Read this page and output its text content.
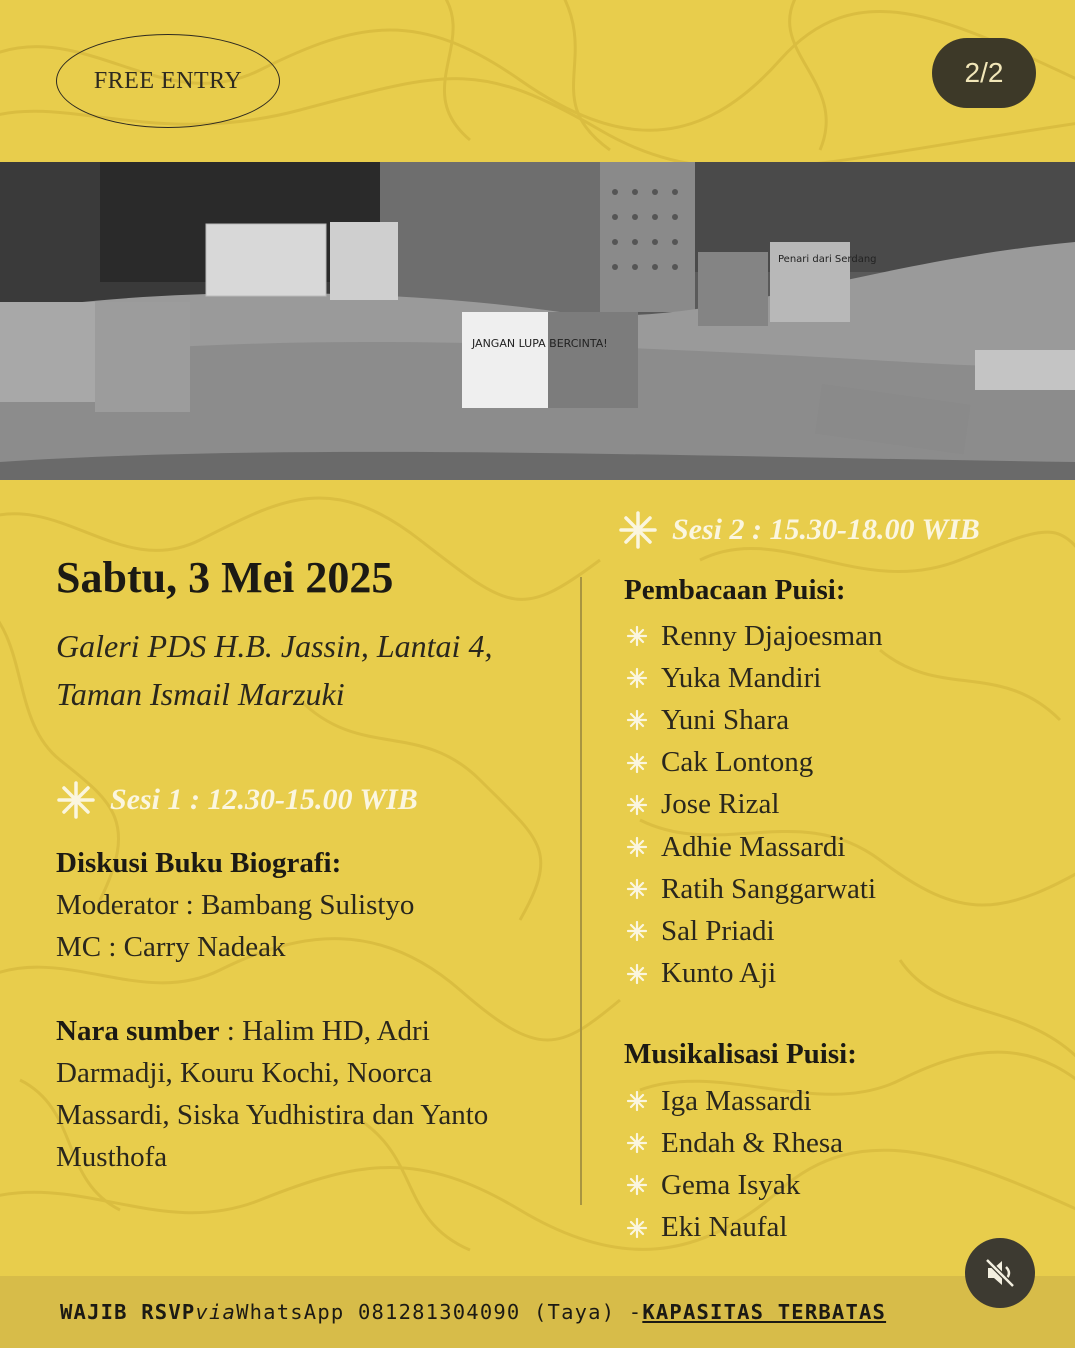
FREE ENTRY	2/2
JANGAN LUPA BERCINTA!
Penari dari Serdang
Sabtu, 3 Mei 2025
Galeri PDS H.B. Jassin, Lantai 4,
Taman Ismail Marzuki
Sesi 1 : 12.30-15.00 WIB
Diskusi Buku Biografi:
Moderator : Bambang Sulistyo
MC : Carry Nadeak
Nara sumber : Halim HD, Adri Darmadji, Kouru Kochi, Noorca Massardi, Siska Yudhistira dan Yanto Musthofa
Sesi 2 : 15.30-18.00 WIB
Pembacaan Puisi:
Renny Djajoesman
Yuka Mandiri
Yuni Shara
Cak Lontong
Jose Rizal
Adhie Massardi
Ratih Sanggarwati
Sal Priadi
Kunto Aji
Musikalisasi Puisi:
Iga Massardi
Endah & Rhesa
Gema Isyak
Eki Naufal
WAJIB RSVP via WhatsApp 081281304090 (Taya) - KAPASITAS TERBATAS
